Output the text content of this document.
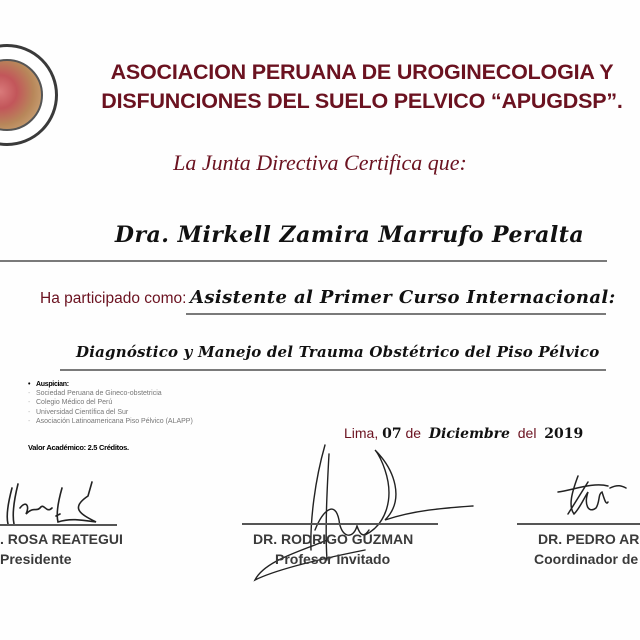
ASOCIACION PERUANA DE UROGINECOLOGIA Y
DISFUNCIONES DEL SUELO PELVICO “APUGDSP”.
La Junta Directiva Certifica que:
Dra. Mirkell Zamira Marrufo Peralta
Ha participado como: Asistente al Primer Curso Internacional:
Diagnóstico y Manejo del Trauma Obstétrico del Piso Pélvico
• Auspician:
- Sociedad Peruana de Gineco-obstetricia
- Colegio Médico del Perú
- Universidad Científica del Sur
- Asociación Latinoamericana Piso Pélvico (ALAPP)
Valor Académico: 2.5 Créditos.
Lima, 07 de Diciembre del 2019
. ROSA REATEGUI
Presidente
DR. RODRIGO GUZMAN
Profesor Invitado
DR. PEDRO AR
Coordinador de
